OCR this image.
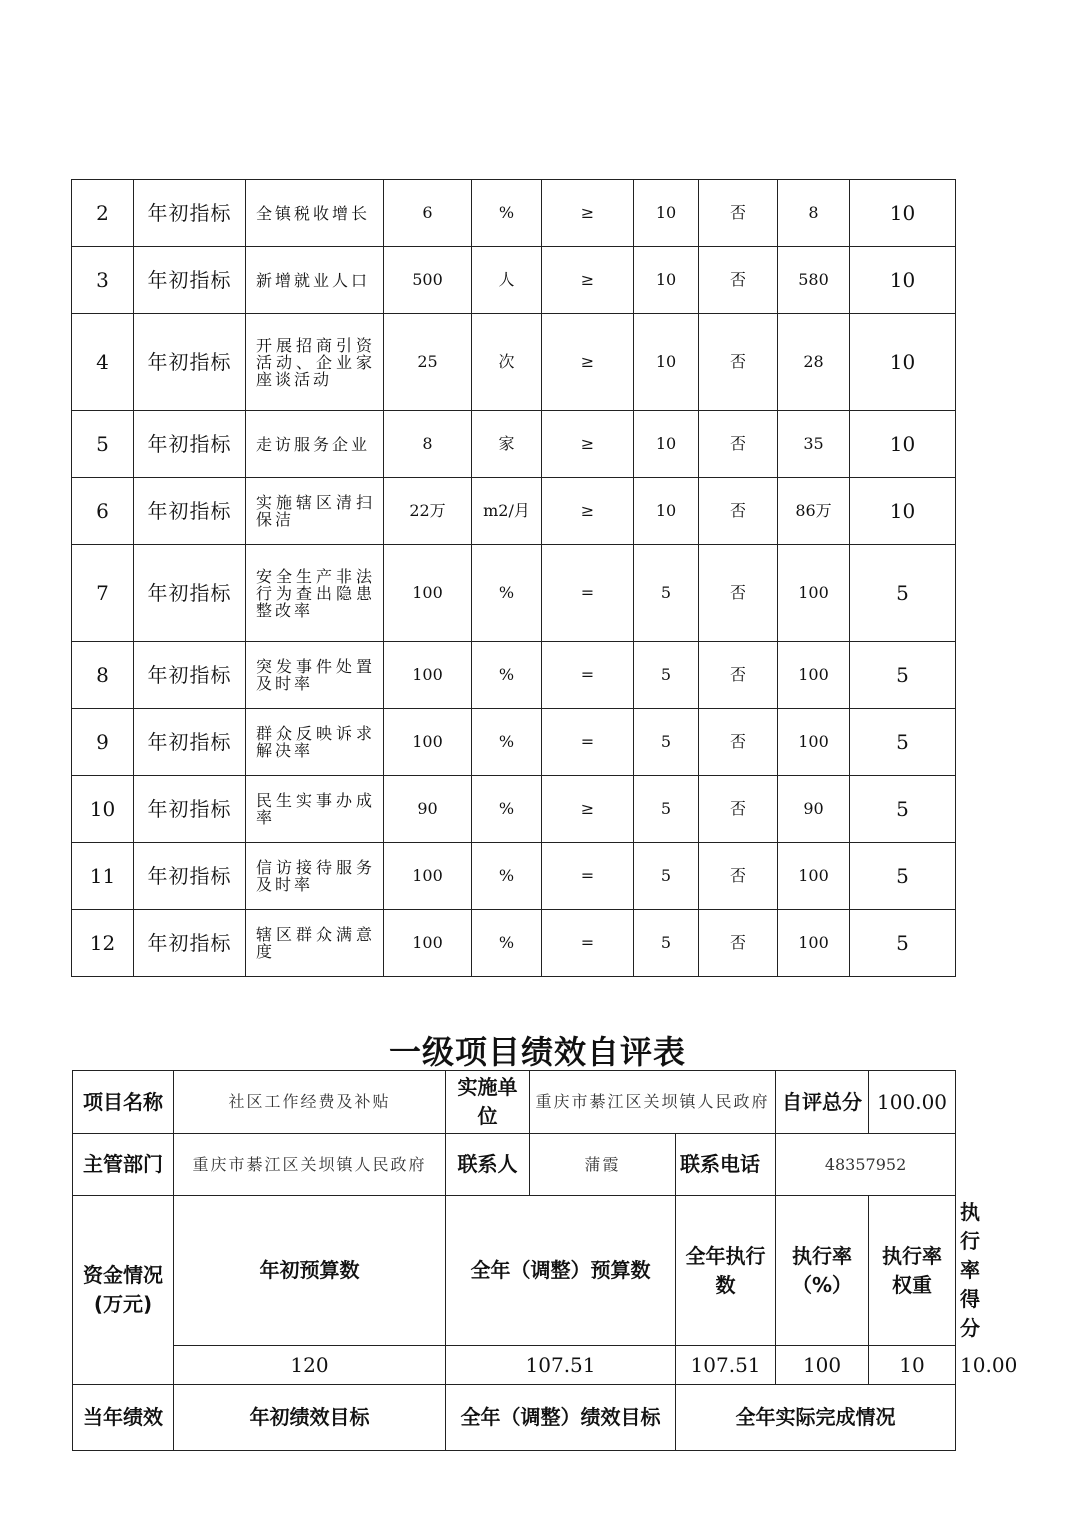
2	年初指标	全镇税收增长	6	%	≥	10	否	8	10
3	年初指标	新增就业人口	500	人	≥	10	否	580	10
4	年初指标	开展招商引资活动、企业家座谈活动	25	次	≥	10	否	28	10
5	年初指标	走访服务企业	8	家	≥	10	否	35	10
6	年初指标	实施辖区清扫保洁	22万	m2/月	≥	10	否	86万	10
7	年初指标	安全生产非法行为查出隐患整改率	100	%	=	5	否	100	5
8	年初指标	突发事件处置及时率	100	%	=	5	否	100	5
9	年初指标	群众反映诉求解决率	100	%	=	5	否	100	5
10	年初指标	民生实事办成率	90	%	≥	5	否	90	5
11	年初指标	信访接待服务及时率	100	%	=	5	否	100	5
12	年初指标	辖区群众满意度	100	%	=	5	否	100	5
一级项目绩效自评表
项目名称	社区工作经费及补贴	实施单位	重庆市綦江区关坝镇人民政府		自评总分	100.00	
主管部门	重庆市綦江区关坝镇人民政府	联系人	蒲霞	联系电话	48357952		
资金情况(万元)	年初预算数	全年（调整）预算数		全年执行数	执行率（%）	执行率权重	执行率得分
	120	107.51		107.51	100	10	10.00
当年绩效	年初绩效目标	全年（调整）绩效目标		全年实际完成情况			
